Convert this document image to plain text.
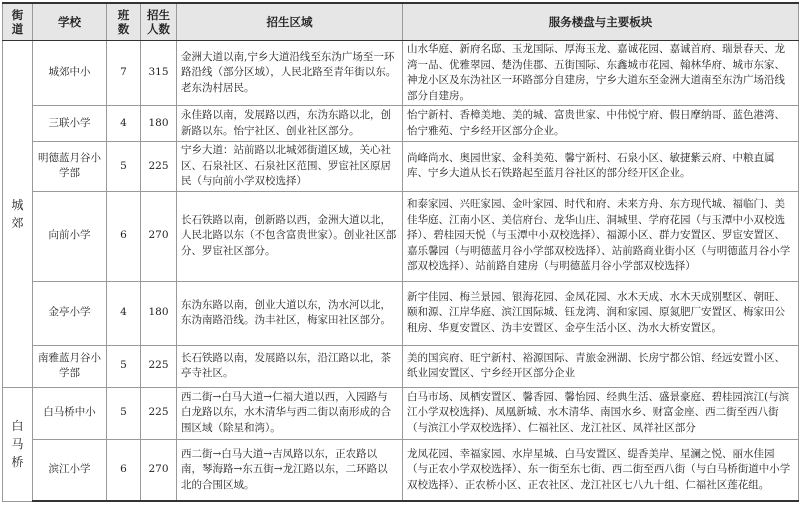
街道	学校	班数	招生人数	招生区域	服务楼盘与主要板块
城郊	城郊中小	7	315	金洲大道以南,宁乡大道沿线至东沩广场至一环路沿线（部分区域），人民北路至青年街以东。老东沩村居民。	山水华庭、新府名邸、玉龙国际、厚海玉龙、嘉诚花园、嘉诚首府、瑞景春天、龙湾一品、优雅翠园、楚沩佳郡、五街国际、东鑫城市花园、翰林华府、城市东家、神龙小区及东沩社区一环路部分自建房，宁乡大道东至金洲大道南至东沩广场沿线部分自建房。
	三联小学	4	180	永佳路以南，发展路以西，东沩东路以北，创新路以东。怡宁社区、创业社区部分。	怡宁新村、香樟美地、美的城、富贵世家、中伟悦宁府、假日摩纳哥、蓝色港湾、怡宁雅苑、宁乡经开区部分企业。
	明德蓝月谷小学部	5	225	宁乡大道：站前路以北城郊街道区域，关心社区、石泉社区、石泉社区范围、罗宦社区原居民（与向前小学双校选择）	尚峰尚水、奥园世家、金科美苑、馨宁新村、石泉小区、敏捷紫云府、中粮直属库、宁乡大道从长石铁路起至蓝月谷社区的部分经开区企业。
	向前小学	6	270	长石铁路以南，创新路以西，金洲大道以北，人民北路以东（不包含富贵世家）。创业社区部分、罗宦社区部分。	和泰家园、兴旺家园、金叶家园、时代和府、未来方舟、东方现代城、福临门、美佳华庭、江南小区、美信府台、龙华山庄、洞城里、学府花园（与玉潭中小双校选择）、碧桂园天悦（与玉潭中小双校选择）、福源小区、群力安置区、罗宦安置区、嘉乐馨园（与明德蓝月谷小学部双校选择）、站前路商业街小区（与明德蓝月谷小学部双校选择）、站前路自建房（与明德蓝月谷小学部双校选择）
	金亭小学	4	180	东沩东路以南，创业大道以东，沩水河以北，东沩南路沿线。沩丰社区，梅家田社区部分。	新宇佳园、梅兰景园、银海花园、金凤花园、水木天成、水木天成别墅区、朝旺、颐和源、江岸华庭、滨江国际城、钰龙湾、润和家园、原氮肥厂安置区、梅家田公租房、华夏安置区、沩丰安置区、金亭生活小区、沩水大桥安置区。
	南雅蓝月谷小学部	5	225	长石铁路以南，发展路以东，沿江路以北，茶亭寺社区。	美的国宾府、旺宁新村、裕源国际、青旅金洲湖、长房宁都公馆、经远安置小区、纸业园安置区、宁乡经开区部分企业
白马桥	白马桥中小	5	225	西二街→白马大道→仁福大道以西，入园路与白龙路以东，水木清华与西二街以南形成的合围区域（除星和湾）。	白马市场、凤栖安置区、馨香园、馨怡园、经典生活、盛景豪庭、碧桂园滨江(与滨江小学双校选择)、凤凰新城、水木清华、南国水乡、财富金座、西二街至西八街（与滨江小学双校选择）、仁福社区、龙江社区、凤祥社区部分
	滨江小学	6	270	西二街→白马大道→吉凤路以东，正农路以南，琴海路→东五街→龙江路以东，二环路以北的合围区域。	龙凤花园、幸福家园、水岸星城、白马安置区、缇香美岸、星澜之悦、丽水佳园（与正农小学双校选择）、东一街至东七街、西二街至西八街（与白马桥街道中小学双校选择）、正农桥小区、正农社区、龙江社区七八九十组、仁福社区莲花组。
